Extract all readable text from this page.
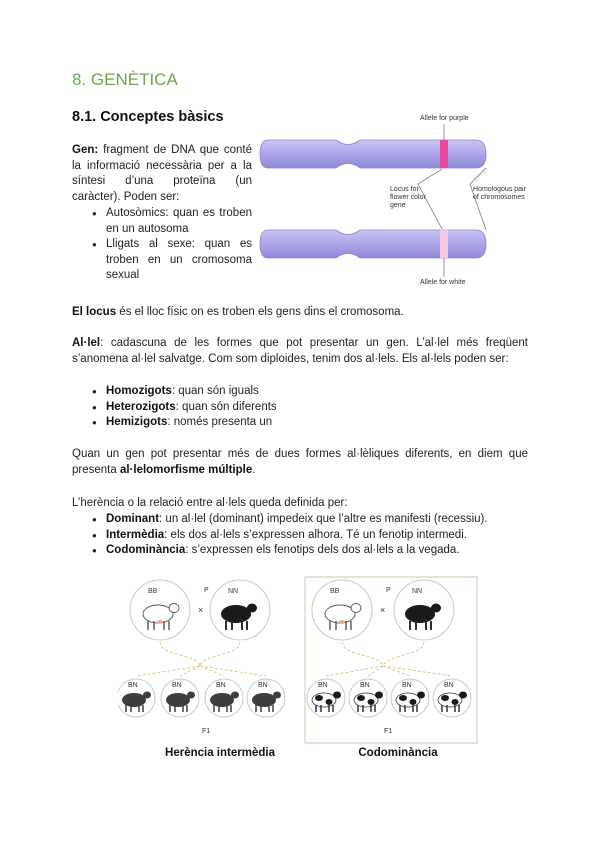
8. GENÈTICA
8.1. Conceptes bàsics
Gen: fragment de DNA que conté la informació necessària per a la síntesi d’una proteïna (un caràcter). Poden ser:
● Autosòmics: quan es troben en un autosoma
● Lligats al sexe: quan es troben en un cromosoma sexual
Allele for purple
Locus for flower color gene
Homologous pair of chromosomes
Allele for white
El locus és el lloc físic on es troben els gens dins el cromosoma.
Al·lel: cadascuna de les formes que pot presentar un gen. L’al·lel més freqüent s’anomena al·lel salvatge. Com som diploides, tenim dos al·lels. Els al·lels poden ser:
● Homozigots: quan són iguals
● Heterozigots: quan són diferents
● Hemizigots: només presenta un
Quan un gen pot presentar més de dues formes al·lèliques diferents, en diem que presenta al·lelomorfisme múltiple.
L’herència o la relació entre al·lels queda definida per:
● Dominant: un al·lel (dominant) impedeix que l’altre es manifesti (recessiu).
● Intermèdia: els dos al·lels s’expressen alhora. Té un fenotip intermedi.
● Codominància: s’expressen els fenotips dels dos al·lels a la vegada.
BB	NN
P
×
BN	BN	BN	BN
F1
BB	NN
P
×
BN	BN	BN	BN
F1
Herència intermèdia	Codominància
